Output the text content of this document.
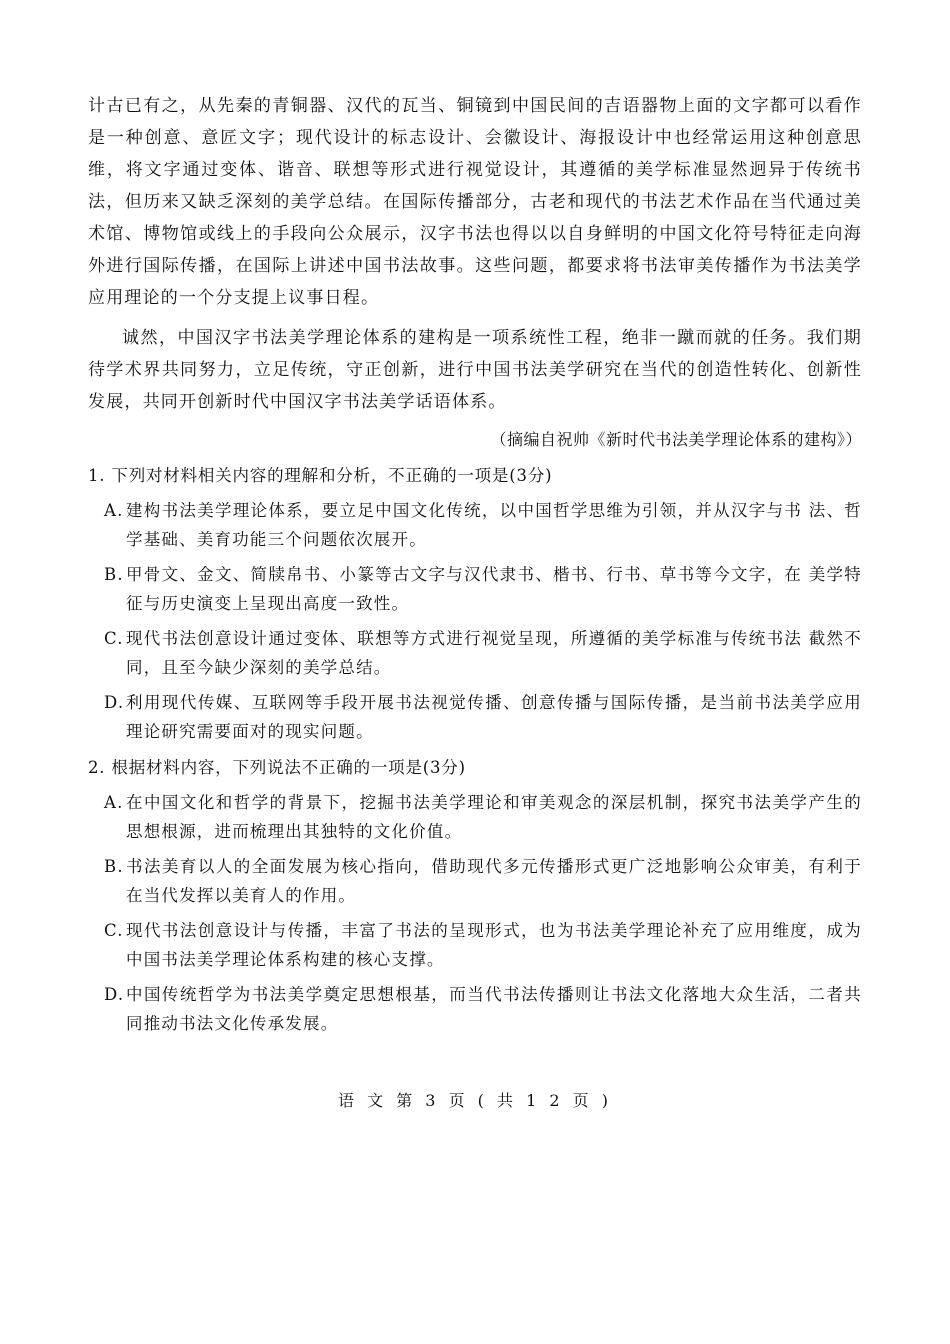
计古已有之，从先秦的青铜器、汉代的瓦当、铜镜到中国民间的吉语器物上面的文字都可以看作是一种创意、意匠文字；现代设计的标志设计、会徽设计、海报设计中也经常运用这种创意思维，将文字通过变体、谐音、联想等形式进行视觉设计，其遵循的美学标准显然迥异于传统书法，但历来又缺乏深刻的美学总结。在国际传播部分，古老和现代的书法艺术作品在当代通过美术馆、博物馆或线上的手段向公众展示，汉字书法也得以以自身鲜明的中国文化符号特征走向海外进行国际传播，在国际上讲述中国书法故事。这些问题，都要求将书法审美传播作为书法美学应用理论的一个分支提上议事日程。

诚然，中国汉字书法美学理论体系的建构是一项系统性工程，绝非一蹴而就的任务。我们期待学术界共同努力，立足传统，守正创新，进行中国书法美学研究在当代的创造性转化、创新性发展，共同开创新时代中国汉字书法美学话语体系。

（摘编自祝帅《新时代书法美学理论体系的建构》）

1. 下列对材料相关内容的理解和分析，不正确的一项是(3分)

A. 建构书法美学理论体系，要立足中国文化传统，以中国哲学思维为引领，并从汉字与书 法、哲学基础、美育功能三个问题依次展开。
B. 甲骨文、金文、简牍帛书、小篆等古文字与汉代隶书、楷书、行书、草书等今文字，在 美学特征与历史演变上呈现出高度一致性。
C. 现代书法创意设计通过变体、联想等方式进行视觉呈现，所遵循的美学标准与传统书法 截然不同，且至今缺少深刻的美学总结。
D. 利用现代传媒、互联网等手段开展书法视觉传播、创意传播与国际传播，是当前书法美学应用理论研究需要面对的现实问题。

2. 根据材料内容，下列说法不正确的一项是(3分)

A. 在中国文化和哲学的背景下，挖掘书法美学理论和审美观念的深层机制，探究书法美学产生的思想根源，进而梳理出其独特的文化价值。
B. 书法美育以人的全面发展为核心指向，借助现代多元传播形式更广泛地影响公众审美，有利于在当代发挥以美育人的作用。
C. 现代书法创意设计与传播，丰富了书法的呈现形式，也为书法美学理论补充了应用维度，成为中国书法美学理论体系构建的核心支撑。
D. 中国传统哲学为书法美学奠定思想根基，而当代书法传播则让书法文化落地大众生活，二者共同推动书法文化传承发展。
语 文 第 3 页 ( 共 1 2 页 )
